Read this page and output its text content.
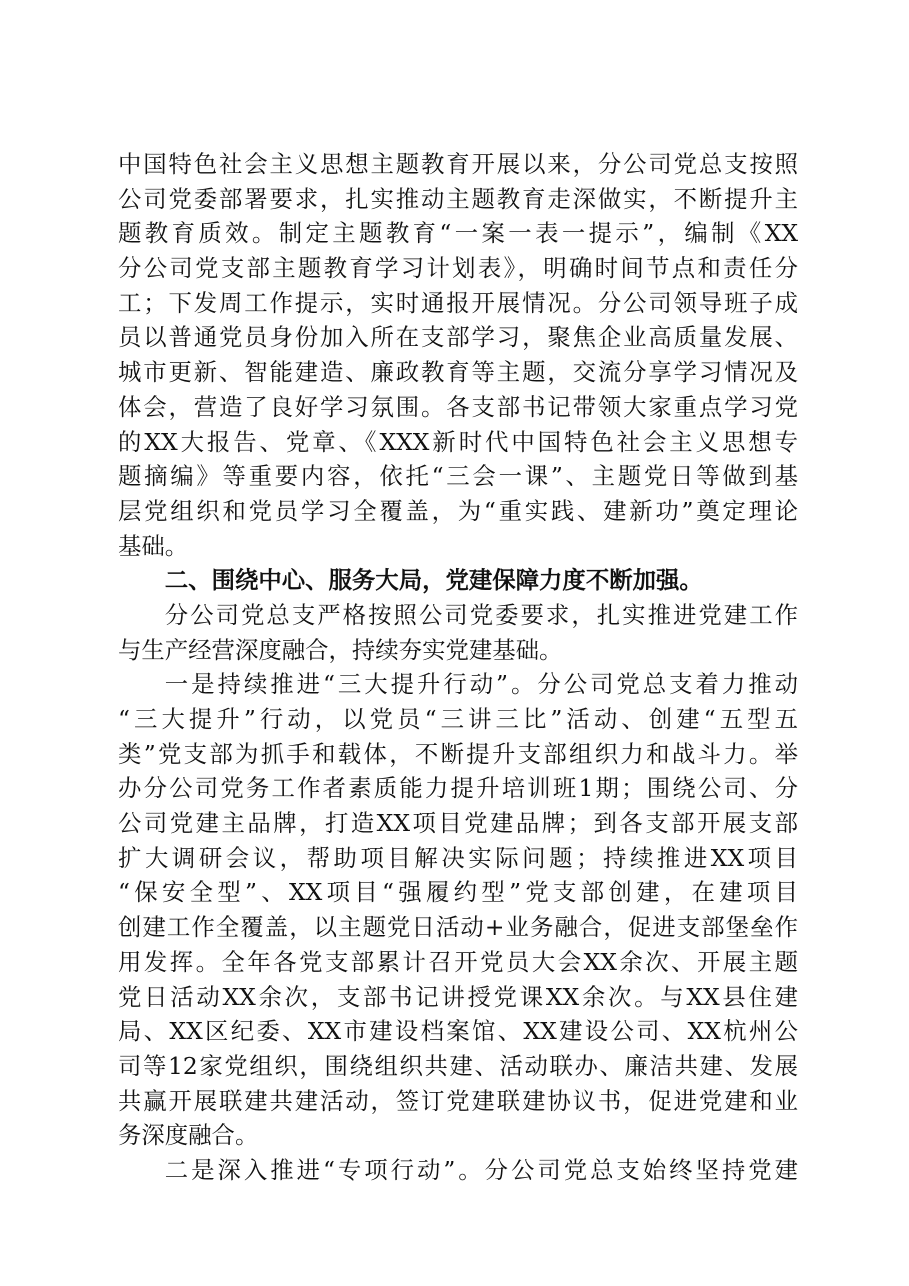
中国特色社会主义思想主题教育开展以来，分公司党总支按照
公司党委部署要求，扎实推动主题教育走深做实，不断提升主
题教育质效。制定主题教育“一案一表一提示”，编制《XX
分公司党支部主题教育学习计划表》，明确时间节点和责任分
工；下发周工作提示，实时通报开展情况。分公司领导班子成
员以普通党员身份加入所在支部学习，聚焦企业高质量发展、
城市更新、智能建造、廉政教育等主题，交流分享学习情况及
体会，营造了良好学习氛围。各支部书记带领大家重点学习党
的XX大报告、党章、《XXX新时代中国特色社会主义思想专
题摘编》等重要内容，依托“三会一课”、主题党日等做到基
层党组织和党员学习全覆盖，为“重实践、建新功”奠定理论
基础。
二、围绕中心、服务大局，党建保障力度不断加强。
分公司党总支严格按照公司党委要求，扎实推进党建工作
与生产经营深度融合，持续夯实党建基础。
一是持续推进“三大提升行动”。分公司党总支着力推动
“三大提升”行动，以党员“三讲三比”活动、创建“五型五
类”党支部为抓手和载体，不断提升支部组织力和战斗力。举
办分公司党务工作者素质能力提升培训班1期；围绕公司、分
公司党建主品牌，打造XX项目党建品牌；到各支部开展支部
扩大调研会议，帮助项目解决实际问题；持续推进XX项目
“保安全型”、XX项目“强履约型”党支部创建，在建项目
创建工作全覆盖，以主题党日活动+业务融合，促进支部堡垒作
用发挥。全年各党支部累计召开党员大会XX余次、开展主题
党日活动XX余次，支部书记讲授党课XX余次。与XX县住建
局、XX区纪委、XX市建设档案馆、XX建设公司、XX杭州公
司等12家党组织，围绕组织共建、活动联办、廉洁共建、发展
共赢开展联建共建活动，签订党建联建协议书，促进党建和业
务深度融合。
二是深入推进“专项行动”。分公司党总支始终坚持党建
